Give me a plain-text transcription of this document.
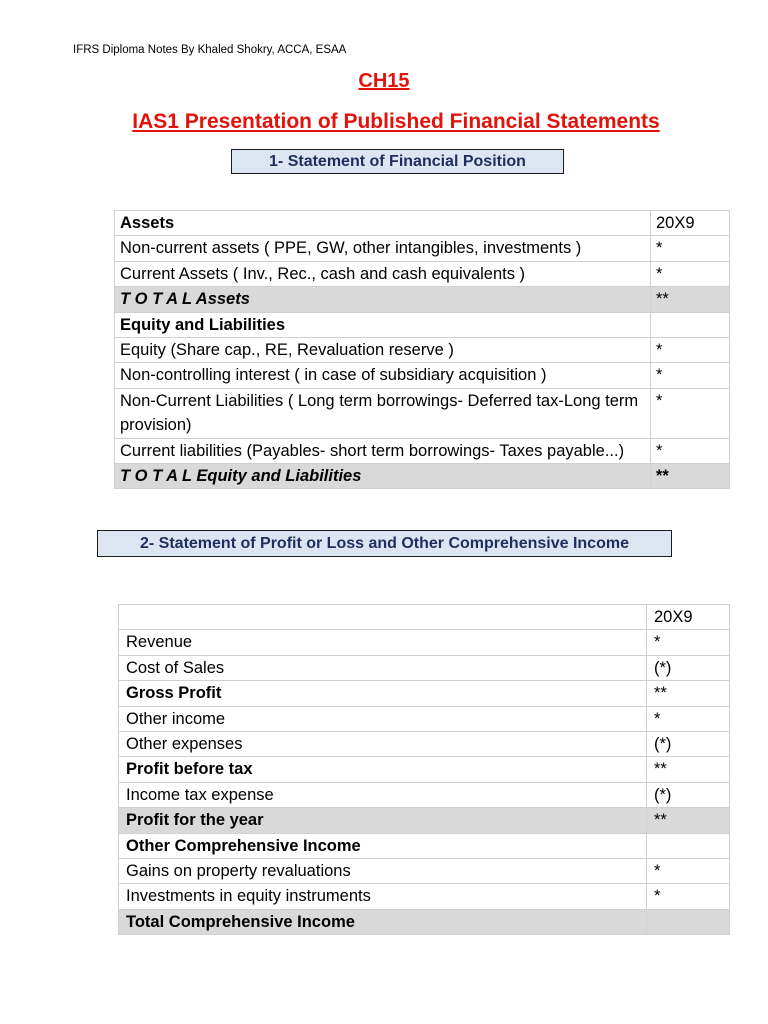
IFRS Diploma Notes By Khaled Shokry, ACCA, ESAA
CH15
IAS1 Presentation of Published Financial Statements
1- Statement of Financial Position
Assets	20X9
Non-current assets ( PPE, GW, other intangibles, investments )	*
Current Assets ( Inv., Rec., cash and cash equivalents )	*
T O T A L Assets	**
Equity and Liabilities	
Equity (Share cap., RE, Revaluation reserve )	*
Non-controlling interest ( in case of subsidiary acquisition )	*
Non-Current Liabilities ( Long term borrowings- Deferred tax-Long term provision)	*
Current liabilities (Payables- short term borrowings- Taxes payable...)	*
T O T A L Equity and Liabilities	**
2- Statement of Profit or Loss and Other Comprehensive Income
	20X9
Revenue	*
Cost of Sales	(*)
Gross Profit	**
Other income	*
Other expenses	(*)
Profit before tax	**
Income tax expense	(*)
Profit for the year	**
Other Comprehensive Income	
Gains on property revaluations	*
Investments in equity instruments	*
Total Comprehensive Income	
